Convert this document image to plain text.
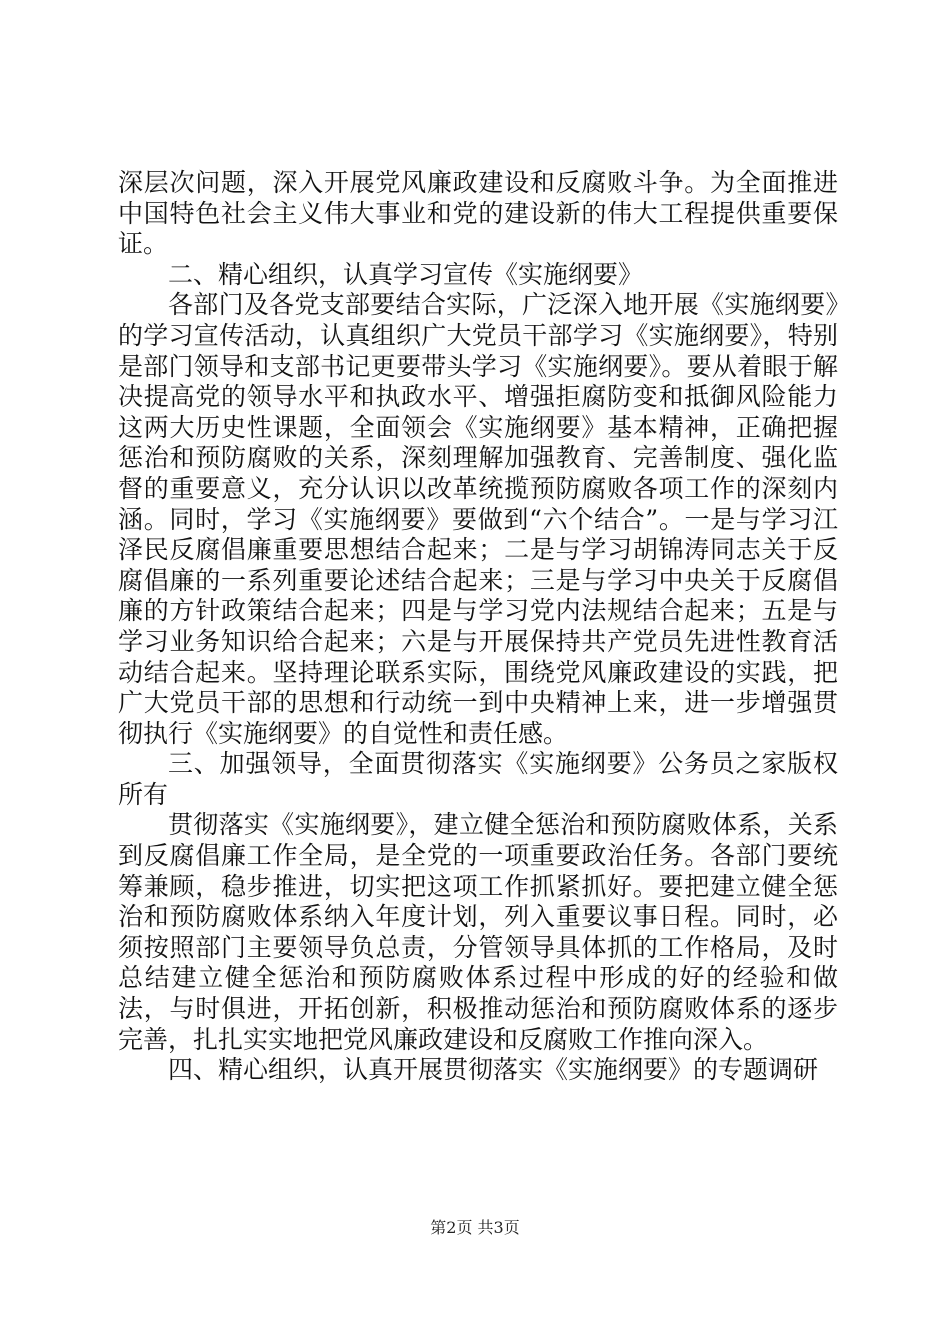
深层次问题，深入开展党风廉政建设和反腐败斗争。为全面推进中国特色社会主义伟大事业和党的建设新的伟大工程提供重要保证。

二、精心组织，认真学习宣传《实施纲要》

各部门及各党支部要结合实际，广泛深入地开展《实施纲要》的学习宣传活动，认真组织广大党员干部学习《实施纲要》，特别是部门领导和支部书记更要带头学习《实施纲要》。要从着眼于解决提高党的领导水平和执政水平、增强拒腐防变和抵御风险能力这两大历史性课题，全面领会《实施纲要》基本精神，正确把握惩治和预防腐败的关系，深刻理解加强教育、完善制度、强化监督的重要意义，充分认识以改革统揽预防腐败各项工作的深刻内涵。同时，学习《实施纲要》要做到“六个结合”。一是与学习江泽民反腐倡廉重要思想结合起来；二是与学习胡锦涛同志关于反腐倡廉的一系列重要论述结合起来；三是与学习中央关于反腐倡廉的方针政策结合起来；四是与学习党内法规结合起来；五是与学习业务知识给合起来；六是与开展保持共产党员先进性教育活动结合起来。坚持理论联系实际，围绕党风廉政建设的实践，把广大党员干部的思想和行动统一到中央精神上来，进一步增强贯彻执行《实施纲要》的自觉性和责任感。

三、加强领导，全面贯彻落实《实施纲要》公务员之家版权所有

贯彻落实《实施纲要》，建立健全惩治和预防腐败体系，关系到反腐倡廉工作全局，是全党的一项重要政治任务。各部门要统筹兼顾，稳步推进，切实把这项工作抓紧抓好。要把建立健全惩治和预防腐败体系纳入年度计划，列入重要议事日程。同时，必须按照部门主要领导负总责，分管领导具体抓的工作格局，及时总结建立健全惩治和预防腐败体系过程中形成的好的经验和做法，与时俱进，开拓创新，积极推动惩治和预防腐败体系的逐步完善，扎扎实实地把党风廉政建设和反腐败工作推向深入。

四、精心组织，认真开展贯彻落实《实施纲要》的专题调研

第2页 共3页
